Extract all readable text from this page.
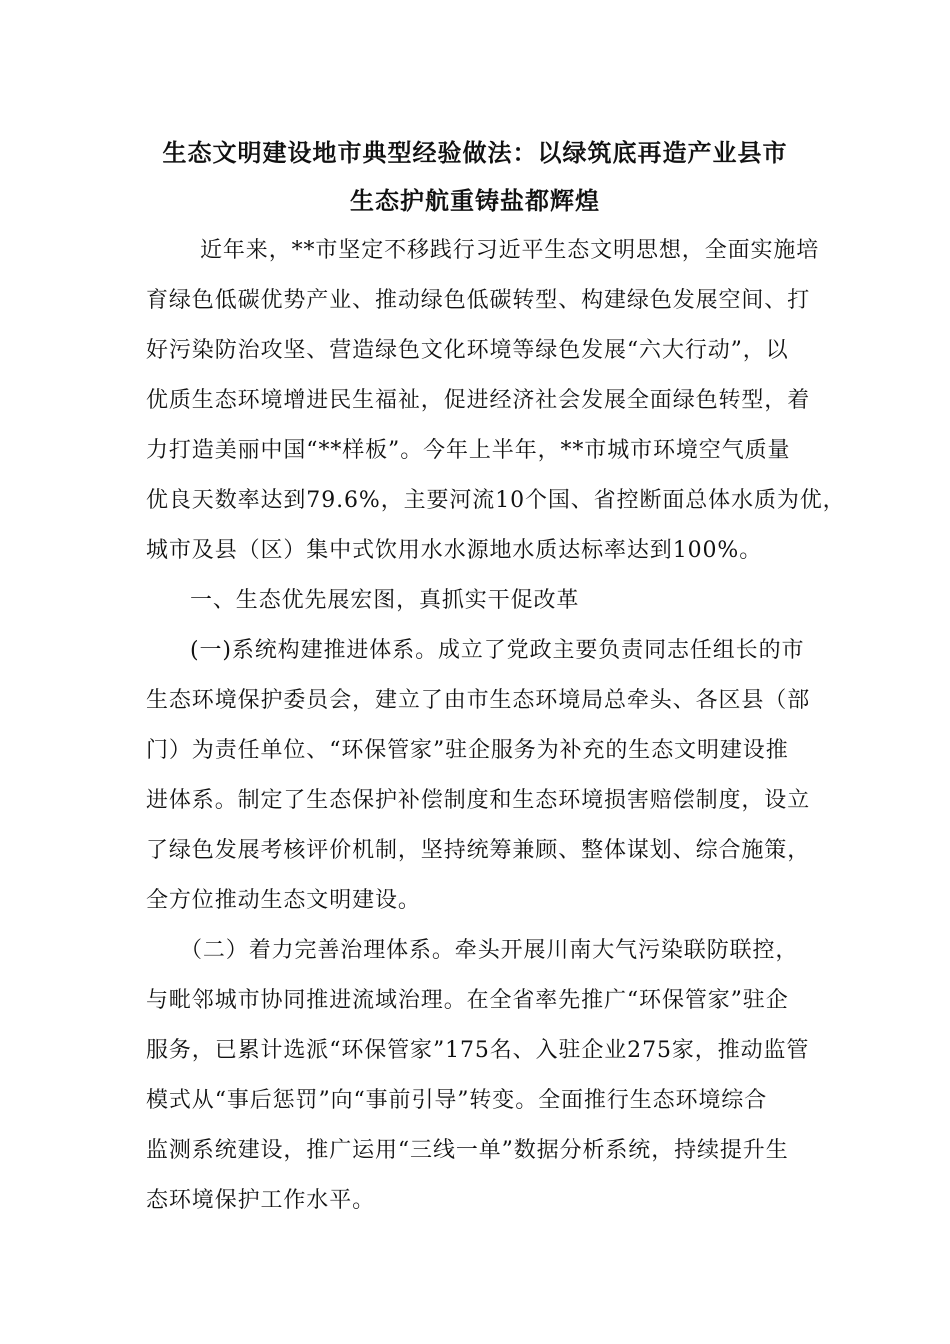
生态文明建设地市典型经验做法：以绿筑底再造产业县市
生态护航重铸盐都辉煌
近年来，**市坚定不移践行习近平生态文明思想，全面实施培
育绿色低碳优势产业、推动绿色低碳转型、构建绿色发展空间、打
好污染防治攻坚、营造绿色文化环境等绿色发展“六大行动”，以
优质生态环境增进民生福祉，促进经济社会发展全面绿色转型，着
力打造美丽中国“**样板”。今年上半年，**市城市环境空气质量
优良天数率达到79.6%，主要河流10个国、省控断面总体水质为优，
城市及县（区）集中式饮用水水源地水质达标率达到100%。
一、生态优先展宏图，真抓实干促改革
(一)系统构建推进体系。成立了党政主要负责同志任组长的市
生态环境保护委员会，建立了由市生态环境局总牵头、各区县（部
门）为责任单位、“环保管家”驻企服务为补充的生态文明建设推
进体系。制定了生态保护补偿制度和生态环境损害赔偿制度，设立
了绿色发展考核评价机制，坚持统筹兼顾、整体谋划、综合施策，
全方位推动生态文明建设。
（二）着力完善治理体系。牵头开展川南大气污染联防联控，
与毗邻城市协同推进流域治理。在全省率先推广“环保管家”驻企
服务，已累计选派“环保管家”175名、入驻企业275家，推动监管
模式从“事后惩罚”向“事前引导”转变。全面推行生态环境综合
监测系统建设，推广运用“三线一单”数据分析系统，持续提升生
态环境保护工作水平。
